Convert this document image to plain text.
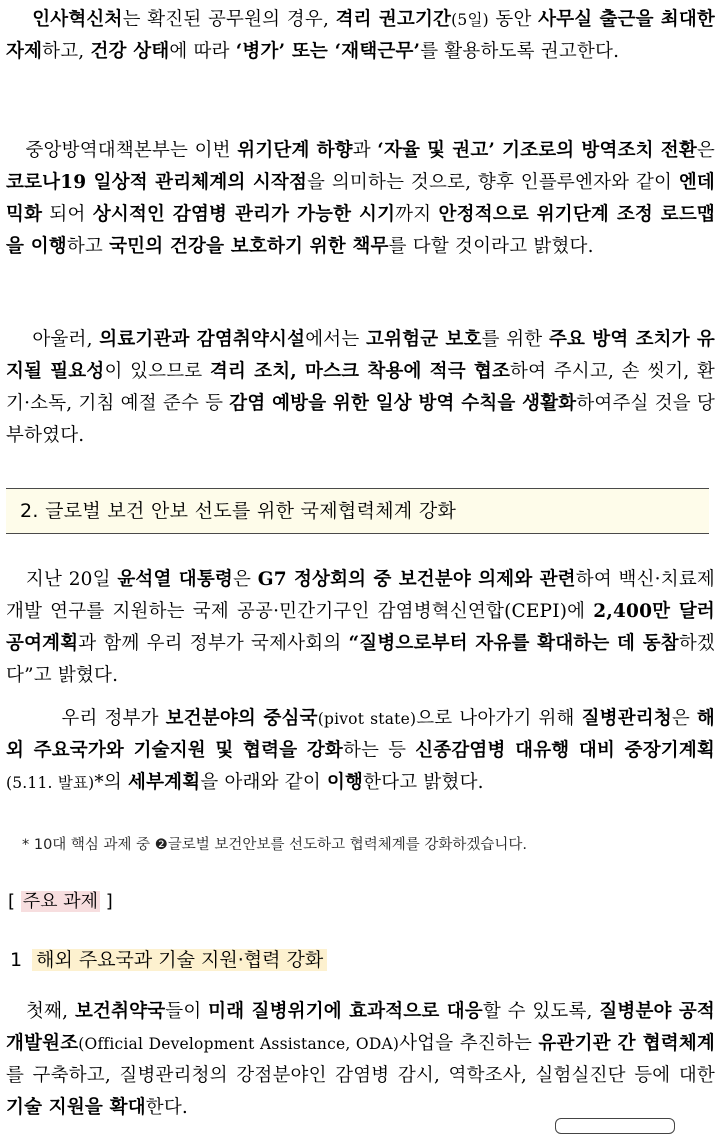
인사혁신처는 확진된 공무원의 경우, 격리 권고기간(5일) 동안 사무실 출근을 최대한 자제하고, 건강 상태에 따라 ‘병가’ 또는 ‘재택근무’를 활용하도록 권고한다.
중앙방역대책본부는 이번 위기단계 하향과 ‘자율 및 권고’ 기조로의 방역조치 전환은 코로나19 일상적 관리체계의 시작점을 의미하는 것으로, 향후 인플루엔자와 같이 엔데믹화 되어 상시적인 감염병 관리가 가능한 시기까지 안정적으로 위기단계 조정 로드맵을 이행하고 국민의 건강을 보호하기 위한 책무를 다할 것이라고 밝혔다.
아울러, 의료기관과 감염취약시설에서는 고위험군 보호를 위한 주요 방역 조치가 유지될 필요성이 있으므로 격리 조치, 마스크 착용에 적극 협조하여 주시고, 손 씻기, 환기·소독, 기침 예절 준수 등 감염 예방을 위한 일상 방역 수칙을 생활화하여주실 것을 당부하였다.
2. 글로벌 보건 안보 선도를 위한 국제협력체계 강화
지난 20일 윤석열 대통령은 G7 정상회의 중 보건분야 의제와 관련하여 백신·치료제 개발 연구를 지원하는 국제 공공·민간기구인 감염병혁신연합(CEPI)에 2,400만 달러 공여계획과 함께 우리 정부가 국제사회의 “질병으로부터 자유를 확대하는 데 동참하겠다”고 밝혔다.
우리 정부가 보건분야의 중심국(pivot state)으로 나아가기 위해 질병관리청은 해외 주요국가와 기술지원 및 협력을 강화하는 등 신종감염병 대유행 대비 중장기계획(5.11. 발표)*의 세부계획을 아래와 같이 이행한다고 밝혔다.
* 10대 핵심 과제 중 ❷글로벌 보건안보를 선도하고 협력체계를 강화하겠습니다.
[ 주요 과제 ]
1 해외 주요국과 기술 지원·협력 강화
첫째, 보건취약국들이 미래 질병위기에 효과적으로 대응할 수 있도록, 질병분야 공적개발원조(Official Development Assistance, ODA)사업을 추진하는 유관기관 간 협력체계를 구축하고, 질병관리청의 강점분야인 감염병 감시, 역학조사, 실험실진단 등에 대한 기술 지원을 확대한다.
